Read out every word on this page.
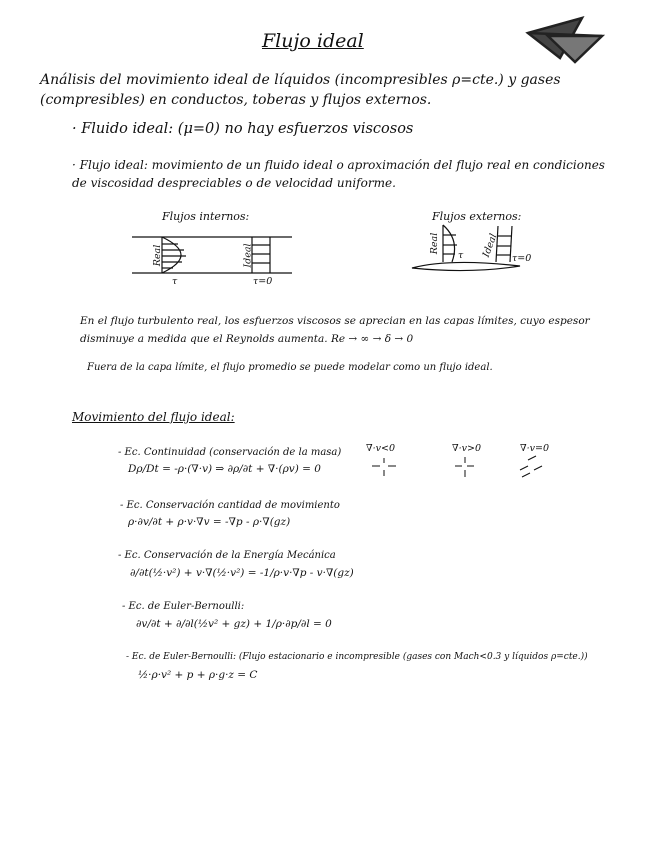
Flujo ideal
Análisis del movimiento ideal de líquidos (incompresibles ρ=cte.) y gases (compresibles) en conductos, toberas y flujos externos.
· Fluido ideal: (μ=0) no hay esfuerzos viscosos
· Flujo ideal: movimiento de un fluido ideal o aproximación del flujo real en condiciones de viscosidad despreciables o de velocidad uniforme.
Flujos internos:	Flujos externos:
Real	Ideal
τ	τ=0
Real	Ideal
τ	τ=0
En el flujo turbulento real, los esfuerzos viscosos se aprecian en las capas límites, cuyo espesor disminuye a medida que el Reynolds aumenta. Re → ∞ → δ → 0
Fuera de la capa límite, el flujo promedio se puede modelar como un flujo ideal.
Movimiento del flujo ideal:
∇·v<0	∇·v>0	∇·v=0
- Ec. Continuidad (conservación de la masa)
Dρ/Dt = -ρ·(∇·v) ⇒ ∂ρ/∂t + ∇·(ρv) = 0
- Ec. Conservación cantidad de movimiento
ρ·∂v/∂t + ρ·v·∇v = -∇p - ρ·∇(gz)
- Ec. Conservación de la Energía Mecánica
∂/∂t(½·v²) + v·∇(½·v²) = -1/ρ·v·∇p - v·∇(gz)
- Ec. de Euler-Bernoulli:
∂v/∂t + ∂/∂l(½v² + gz) + 1/ρ·∂p/∂l = 0
- Ec. de Euler-Bernoulli: (Flujo estacionario e incompresible (gases con Mach<0.3 y líquidos ρ=cte.))
½·ρ·v² + p + ρ·g·z = C
